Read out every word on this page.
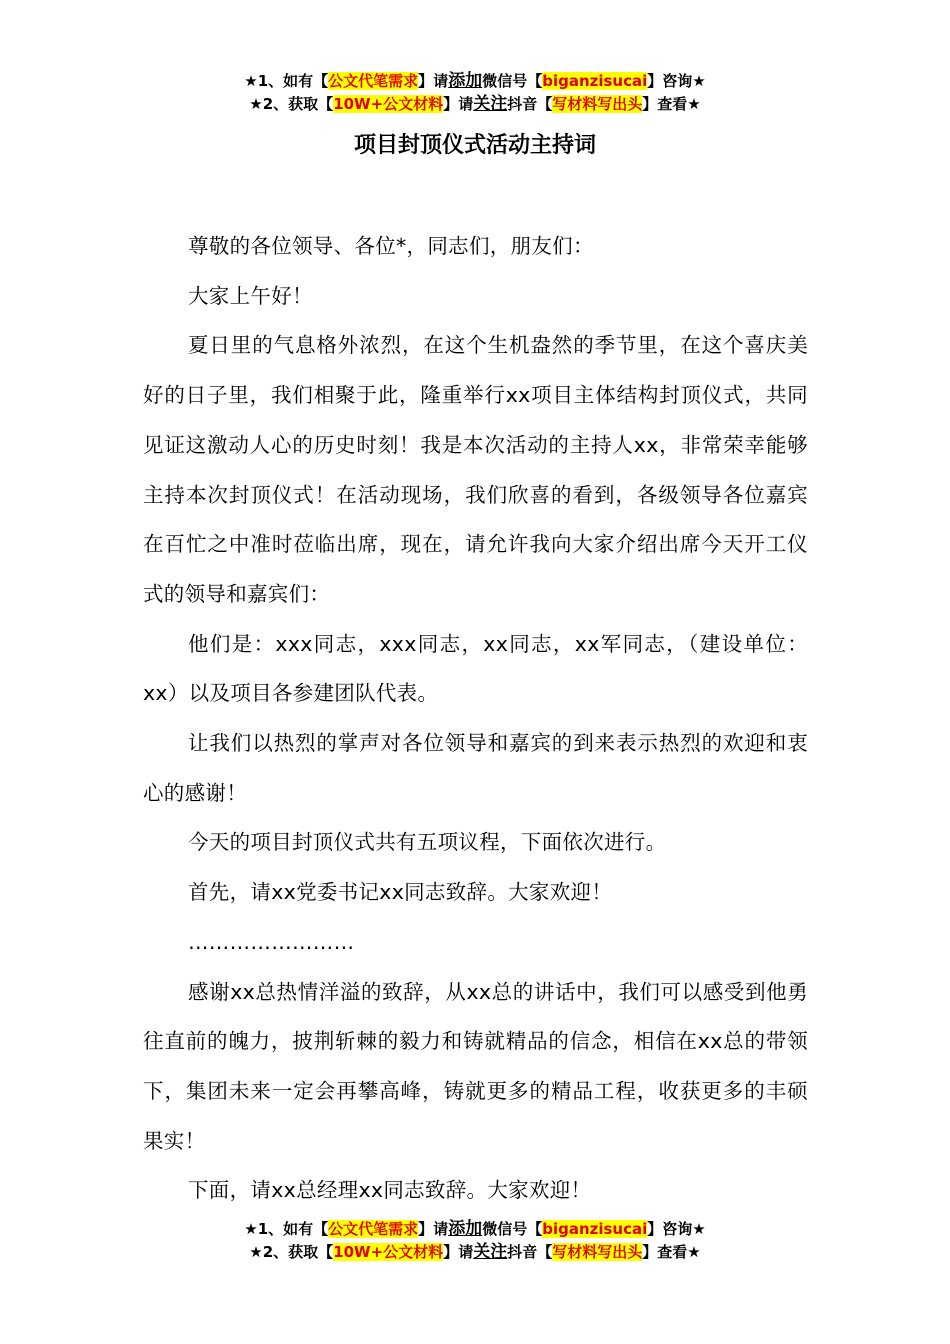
★1、如有【公文代笔需求】请添加微信号【biganzisucai】咨询★
★2、获取【10W+公文材料】请关注抖音【写材料写出头】查看★
项目封顶仪式活动主持词

尊敬的各位领导、各位*，同志们，朋友们：

大家上午好！

夏日里的气息格外浓烈，在这个生机盎然的季节里，在这个喜庆美好的日子里，我们相聚于此，隆重举行xx项目主体结构封顶仪式，共同见证这激动人心的历史时刻！我是本次活动的主持人xx，非常荣幸能够主持本次封顶仪式！在活动现场，我们欣喜的看到，各级领导各位嘉宾在百忙之中准时莅临出席，现在，请允许我向大家介绍出席今天开工仪式的领导和嘉宾们：

他们是：xxx同志，xxx同志，xx同志，xx军同志，（建设单位：xx）以及项目各参建团队代表。

让我们以热烈的掌声对各位领导和嘉宾的到来表示热烈的欢迎和衷心的感谢！

今天的项目封顶仪式共有五项议程，下面依次进行。

首先，请xx党委书记xx同志致辞。大家欢迎！

……………………

感谢xx总热情洋溢的致辞，从xx总的讲话中，我们可以感受到他勇往直前的魄力，披荆斩棘的毅力和铸就精品的信念，相信在xx总的带领下，集团未来一定会再攀高峰，铸就更多的精品工程，收获更多的丰硕果实！

下面，请xx总经理xx同志致辞。大家欢迎！

★1、如有【公文代笔需求】请添加微信号【biganzisucai】咨询★
★2、获取【10W+公文材料】请关注抖音【写材料写出头】查看★
